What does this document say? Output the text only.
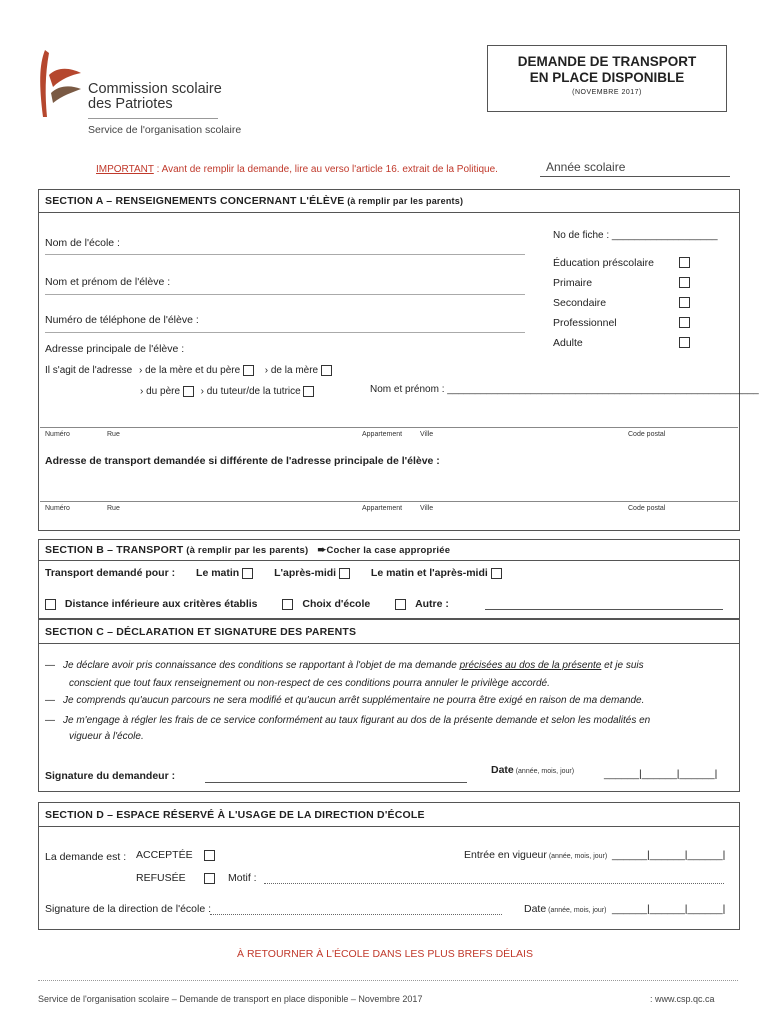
Commission scolaire
des Patriotes
Service de l'organisation scolaire
DEMANDE DE TRANSPORT
EN PLACE DISPONIBLE
(NOVEMBRE 2017)
IMPORTANT : Avant de remplir la demande, lire au verso l'article 16. extrait de la Politique.	Année scolaire
SECTION A – RENSEIGNEMENTS CONCERNANT L'ÉLÈVE (à remplir par les parents)
No de fiche : ___________________
Nom de l'école :
Nom et prénom de l'élève :
Numéro de téléphone de l'élève :
Adresse principale de l'élève :
Éducation préscolaire
Primaire
Secondaire
Professionnel
Adulte
Il s'agit de l'adresse › de la mère et du père › de la mère
› du père › du tuteur/de la tutrice	Nom et prénom : ________________________________________________________
Numéro	Rue	Appartement	Ville	Code postal
Adresse de transport demandée si différente de l'adresse principale de l'élève :
Numéro	Rue	Appartement	Ville	Code postal
SECTION B – TRANSPORT (à remplir par les parents) ➨Cocher la case appropriée
Transport demandé pour : Le matin	L'après-midi	Le matin et l'après-midi
Distance inférieure aux critères établis	Choix d'école	Autre :
SECTION C – DÉCLARATION ET SIGNATURE DES PARENTS
— Je déclare avoir pris connaissance des conditions se rapportant à l'objet de ma demande précisées au dos de la présente et je suis
conscient que tout faux renseignement ou non-respect de ces conditions pourra annuler le privilège accordé.
— Je comprends qu'aucun parcours ne sera modifié et qu'aucun arrêt supplémentaire ne pourra être exigé en raison de ma demande.
— Je m'engage à régler les frais de ce service conformément au taux figurant au dos de la présente demande et selon les modalités en
vigueur à l'école.
Signature du demandeur :	Date (année, mois, jour)	______|______|______|
SECTION D – ESPACE RÉSERVÉ À L'USAGE DE LA DIRECTION D'ÉCOLE
La demande est : ACCEPTÉE
REFUSÉE	Motif :
Entrée en vigueur (année, mois, jour) ______|______|______|
Signature de la direction de l'école :	Date (année, mois, jour) ______|______|______|
À RETOURNER À L'ÉCOLE DANS LES PLUS BREFS DÉLAIS
Service de l'organisation scolaire – Demande de transport en place disponible – Novembre 2017	: www.csp.qc.ca
